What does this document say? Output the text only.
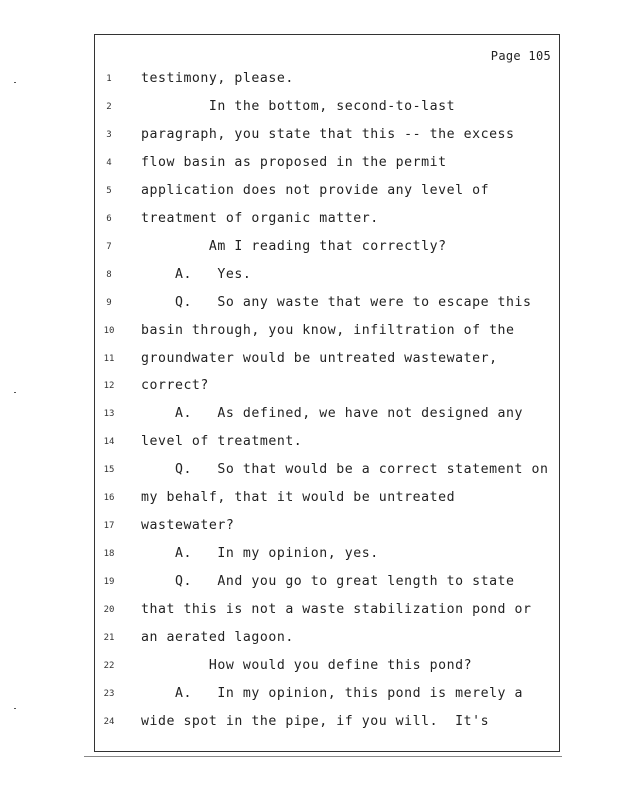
Page 105
1	testimony, please.
2	In the bottom, second-to-last
3	paragraph, you state that this -- the excess
4	flow basin as proposed in the permit
5	application does not provide any level of
6	treatment of organic matter.
7	Am I reading that correctly?
8	A.   Yes.
9	Q.   So any waste that were to escape this
10	basin through, you know, infiltration of the
11	groundwater would be untreated wastewater,
12	correct?
13	A.   As defined, we have not designed any
14	level of treatment.
15	Q.   So that would be a correct statement on
16	my behalf, that it would be untreated
17	wastewater?
18	A.   In my opinion, yes.
19	Q.   And you go to great length to state
20	that this is not a waste stabilization pond or
21	an aerated lagoon.
22	How would you define this pond?
23	A.   In my opinion, this pond is merely a
24	wide spot in the pipe, if you will.  It's
